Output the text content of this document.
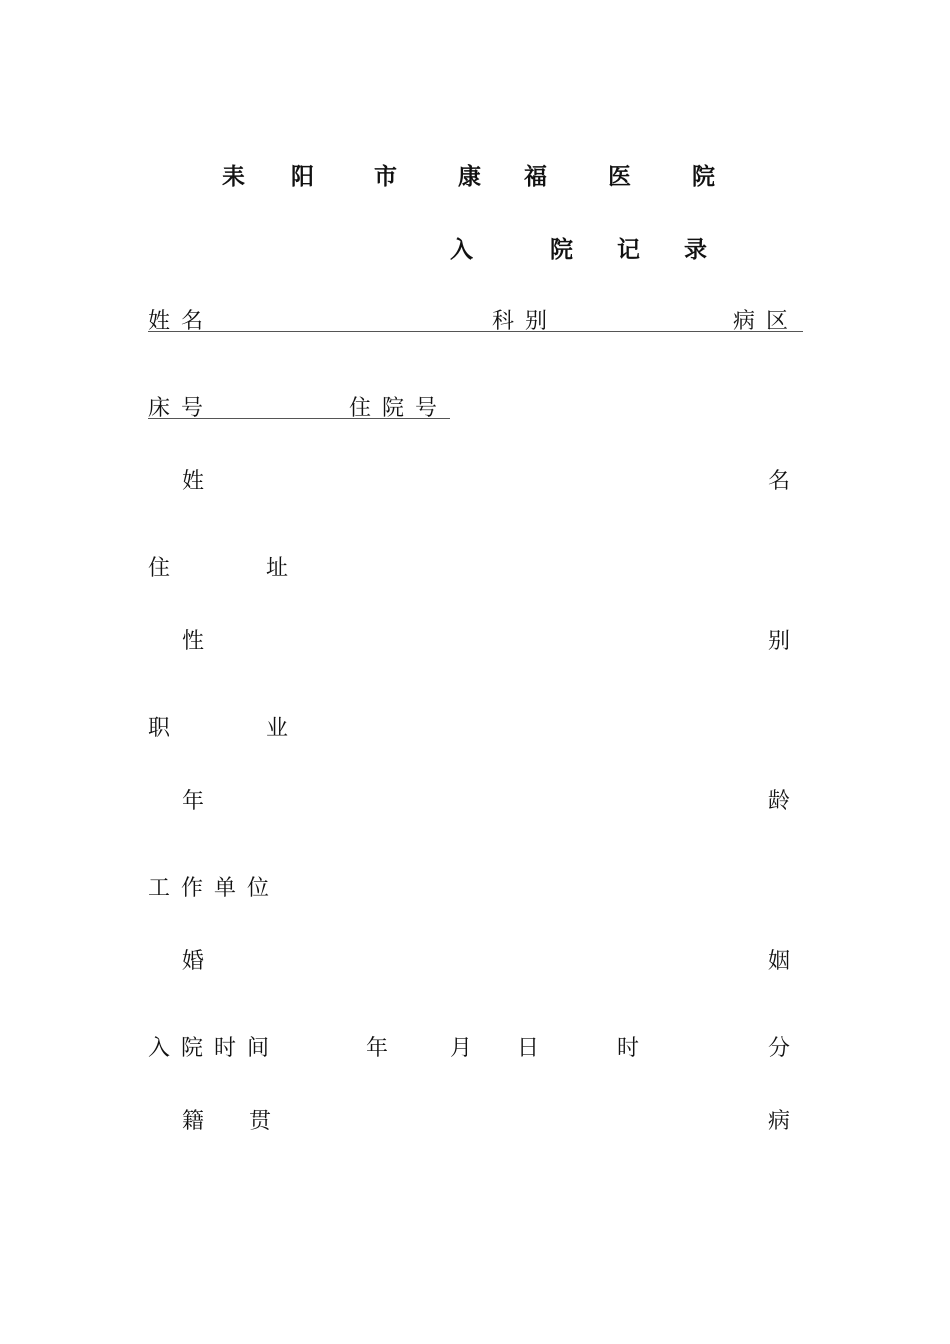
耒 阳	市	康 福	医	院
入	院 记 录
姓 名	科 别	病 区
床 号	住 院 号
姓	名
住	址
性	别
职	业
年	龄
工 作 单 位
婚	姻
入 院 时 间	年	月 日	时	分
籍 贯	病
